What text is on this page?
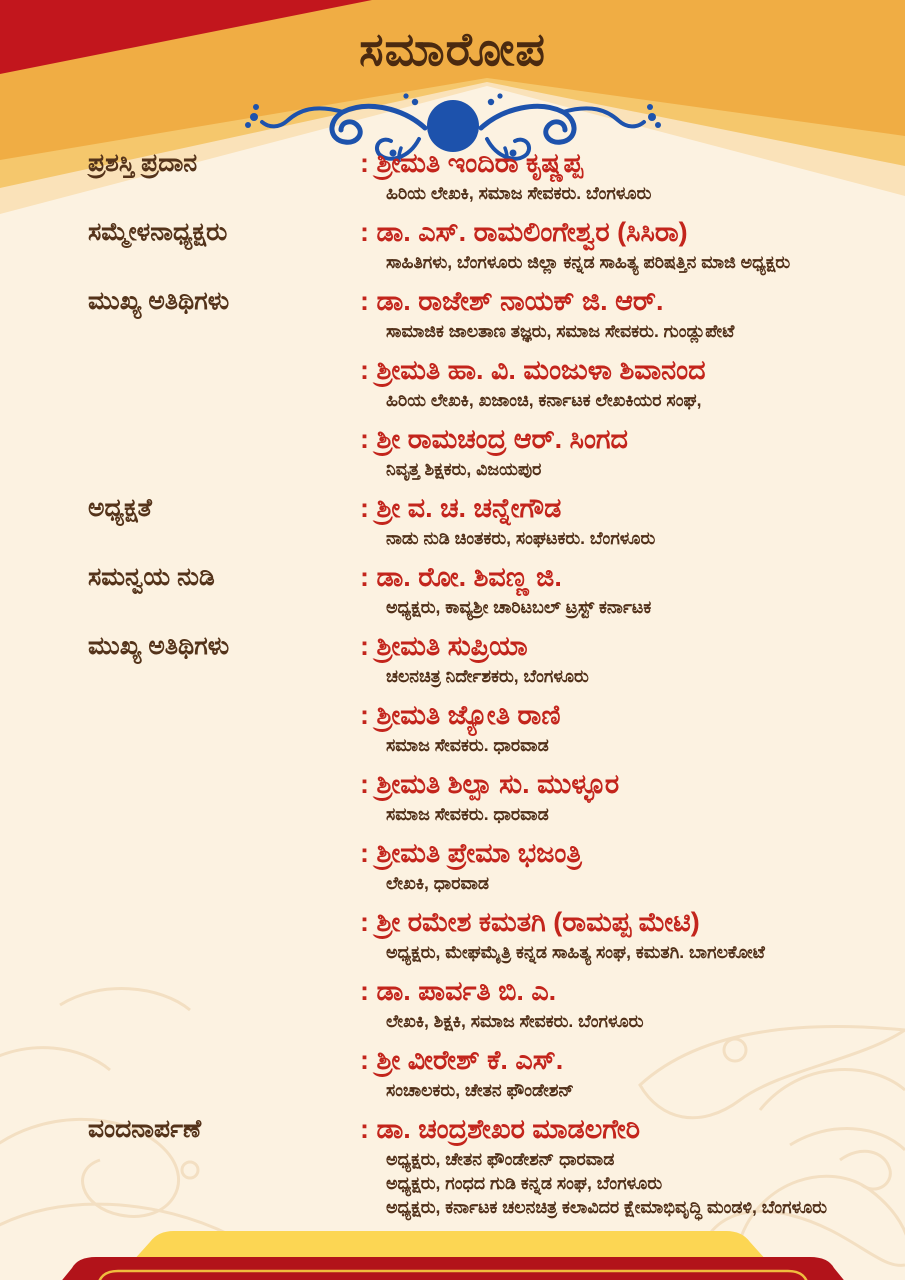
ಸಮಾರೋಪ
ಪ್ರಶಸ್ತಿ ಪ್ರದಾನ	: ಶ್ರೀಮತಿ ಇಂದಿರಾ ಕೃಷ್ಣಪ್ಪ
ಹಿರಿಯ ಲೇಖಕಿ, ಸಮಾಜ ಸೇವಕರು. ಬೆಂಗಳೂರು
ಸಮ್ಮೇಳನಾಧ್ಯಕ್ಷರು	: ಡಾ. ಎಸ್. ರಾಮಲಿಂಗೇಶ್ವರ (ಸಿಸಿರಾ)
ಸಾಹಿತಿಗಳು, ಬೆಂಗಳೂರು ಜಿಲ್ಲಾ ಕನ್ನಡ ಸಾಹಿತ್ಯ ಪರಿಷತ್ತಿನ ಮಾಜಿ ಅಧ್ಯಕ್ಷರು
ಮುಖ್ಯ ಅತಿಥಿಗಳು	: ಡಾ. ರಾಜೇಶ್ ನಾಯಕ್ ಜಿ. ಆರ್.
ಸಾಮಾಜಿಕ ಜಾಲತಾಣ ತಜ್ಞರು, ಸಮಾಜ ಸೇವಕರು. ಗುಂಡ್ಲುಪೇಟೆ
: ಶ್ರೀಮತಿ ಹಾ. ವಿ. ಮಂಜುಳಾ ಶಿವಾನಂದ
ಹಿರಿಯ ಲೇಖಕಿ, ಖಜಾಂಚಿ, ಕರ್ನಾಟಕ ಲೇಖಕಿಯರ ಸಂಘ,
: ಶ್ರೀ ರಾಮಚಂದ್ರ ಆರ್. ಸಿಂಗದ
ನಿವೃತ್ತ ಶಿಕ್ಷಕರು, ವಿಜಯಪುರ
ಅಧ್ಯಕ್ಷತೆ	: ಶ್ರೀ ವ. ಚ. ಚನ್ನೇಗೌಡ
ನಾಡು ನುಡಿ ಚಿಂತಕರು, ಸಂಘಟಕರು. ಬೆಂಗಳೂರು
ಸಮನ್ವಯ ನುಡಿ	: ಡಾ. ರೋ. ಶಿವಣ್ಣ ಜಿ.
ಅಧ್ಯಕ್ಷರು, ಕಾವ್ಯಶ್ರೀ ಚಾರಿಟಬಲ್ ಟ್ರಸ್ಟ್ ಕರ್ನಾಟಕ
ಮುಖ್ಯ ಅತಿಥಿಗಳು	: ಶ್ರೀಮತಿ ಸುಪ್ರಿಯಾ
ಚಲನಚಿತ್ರ ನಿರ್ದೇಶಕರು, ಬೆಂಗಳೂರು
: ಶ್ರೀಮತಿ ಜ್ಯೋತಿ ರಾಣಿ
ಸಮಾಜ ಸೇವಕರು. ಧಾರವಾಡ
: ಶ್ರೀಮತಿ ಶಿಲ್ಪಾ ಸು. ಮುಳ್ಳೂರ
ಸಮಾಜ ಸೇವಕರು. ಧಾರವಾಡ
: ಶ್ರೀಮತಿ ಪ್ರೇಮಾ ಭಜಂತ್ರಿ
ಲೇಖಕಿ, ಧಾರವಾಡ
: ಶ್ರೀ ರಮೇಶ ಕಮತಗಿ (ರಾಮಪ್ಪ ಮೇಟಿ)
ಅಧ್ಯಕ್ಷರು, ಮೇಘಮೈತ್ರಿ ಕನ್ನಡ ಸಾಹಿತ್ಯ ಸಂಘ, ಕಮತಗಿ. ಬಾಗಲಕೋಟೆ
: ಡಾ. ಪಾರ್ವತಿ ಬಿ. ಎ.
ಲೇಖಕಿ, ಶಿಕ್ಷಕಿ, ಸಮಾಜ ಸೇವಕರು. ಬೆಂಗಳೂರು
: ಶ್ರೀ ವೀರೇಶ್ ಕೆ. ಎಸ್.
ಸಂಚಾಲಕರು, ಚೇತನ ಫೌಂಡೇಶನ್
ವಂದನಾರ್ಪಣೆ	: ಡಾ. ಚಂದ್ರಶೇಖರ ಮಾಡಲಗೇರಿ
ಅಧ್ಯಕ್ಷರು, ಚೇತನ ಫೌಂಡೇಶನ್ ಧಾರವಾಡ
ಅಧ್ಯಕ್ಷರು, ಗಂಧದ ಗುಡಿ ಕನ್ನಡ ಸಂಘ, ಬೆಂಗಳೂರು
ಅಧ್ಯಕ್ಷರು, ಕರ್ನಾಟಕ ಚಲನಚಿತ್ರ ಕಲಾವಿದರ ಕ್ಷೇಮಾಭಿವೃದ್ಧಿ ಮಂಡಳಿ, ಬೆಂಗಳೂರು
